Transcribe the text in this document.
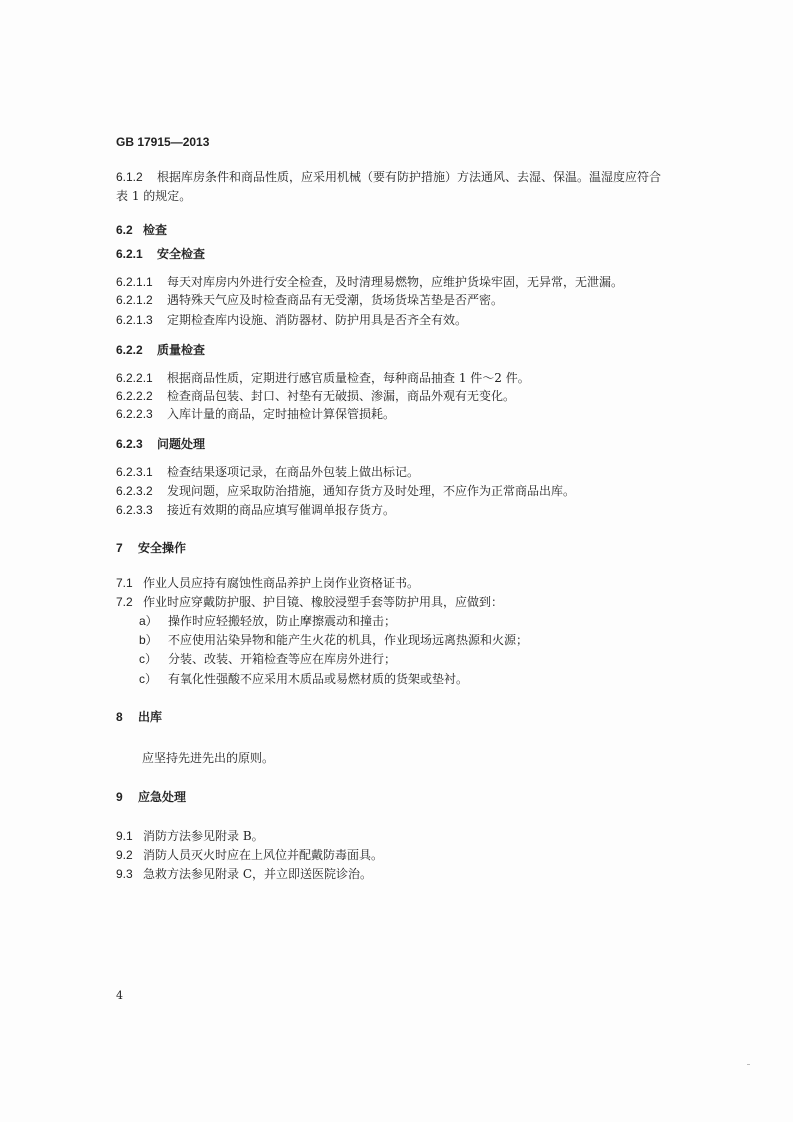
GB 17915—2013
6.1.2 根据库房条件和商品性质，应采用机械（要有防护措施）方法通风、去湿、保温。温湿度应符合
表 1 的规定。
6.2 检查
6.2.1 安全检查
6.2.1.1 每天对库房内外进行安全检查，及时清理易燃物，应维护货垛牢固，无异常，无泄漏。
6.2.1.2 遇特殊天气应及时检查商品有无受潮，货场货垛苫垫是否严密。
6.2.1.3 定期检查库内设施、消防器材、防护用具是否齐全有效。
6.2.2 质量检查
6.2.2.1 根据商品性质，定期进行感官质量检查，每种商品抽查 1 件～2 件。
6.2.2.2 检查商品包装、封口、衬垫有无破损、渗漏，商品外观有无变化。
6.2.2.3 入库计量的商品，定时抽检计算保管损耗。
6.2.3 问题处理
6.2.3.1 检查结果逐项记录，在商品外包装上做出标记。
6.2.3.2 发现问题，应采取防治措施，通知存货方及时处理，不应作为正常商品出库。
6.2.3.3 接近有效期的商品应填写催调单报存货方。
7 安全操作
7.1 作业人员应持有腐蚀性商品养护上岗作业资格证书。
7.2 作业时应穿戴防护服、护目镜、橡胶浸塑手套等防护用具，应做到：
a） 操作时应轻搬轻放，防止摩擦震动和撞击；
b） 不应使用沾染异物和能产生火花的机具，作业现场远离热源和火源；
c） 分装、改装、开箱检查等应在库房外进行；
c） 有氧化性强酸不应采用木质品或易燃材质的货架或垫衬。
8 出库
应坚持先进先出的原则。
9 应急处理
9.1 消防方法参见附录 B。
9.2 消防人员灭火时应在上风位并配戴防毒面具。
9.3 急救方法参见附录 C，并立即送医院诊治。
4
